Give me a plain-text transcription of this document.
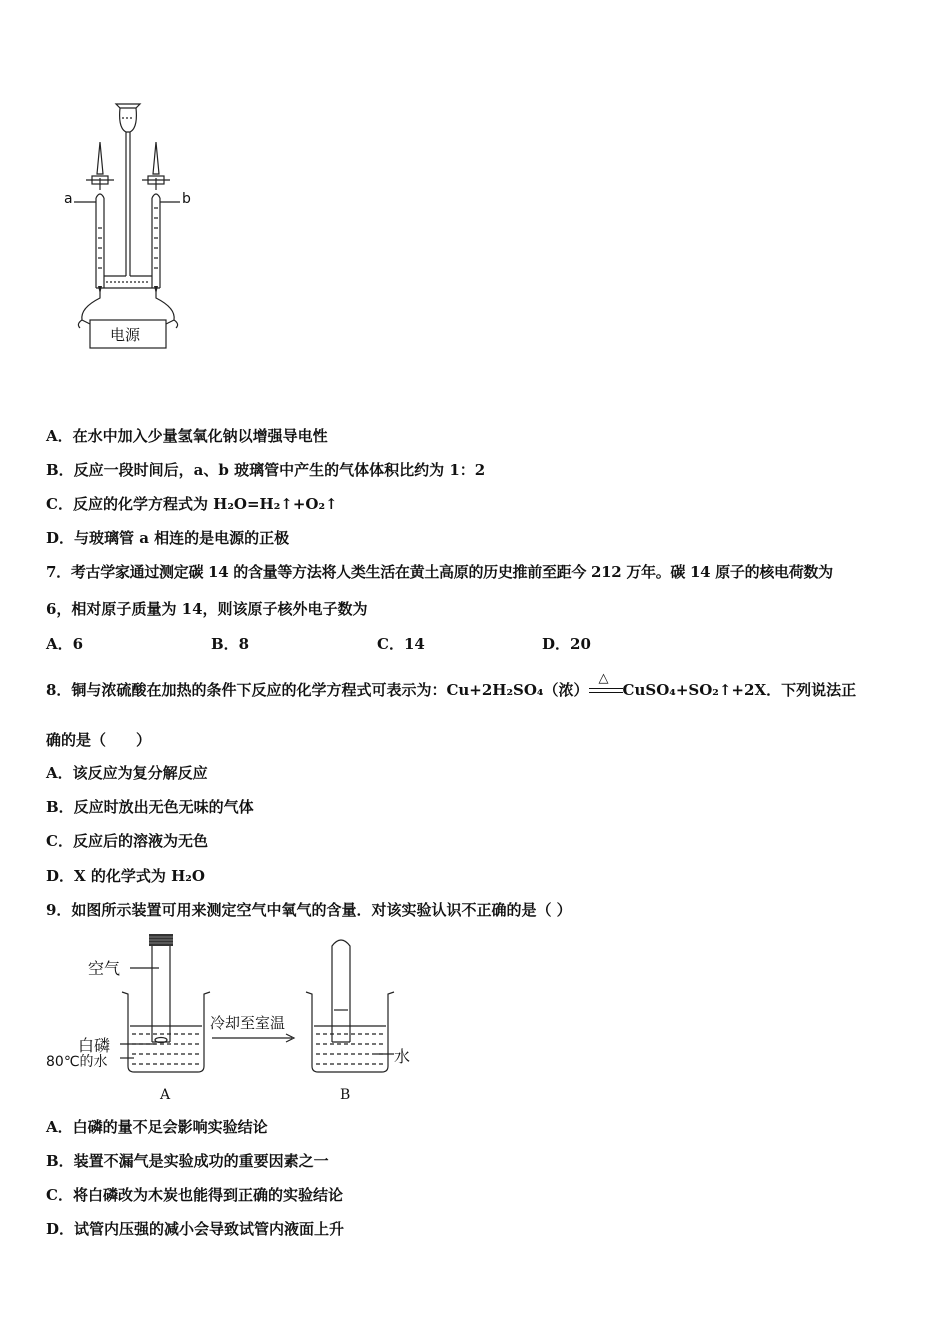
a	b
电源
A．在水中加入少量氢氧化钠以增强导电性
B．反应一段时间后，a、b 玻璃管中产生的气体体积比约为 1：2
C．反应的化学方程式为 H₂O=H₂↑+O₂↑
D．与玻璃管 a 相连的是电源的正极
7．考古学家通过测定碳 14 的含量等方法将人类生活在黄土高原的历史推前至距今 212 万年。碳 14 原子的核电荷数为
6，相对原子质量为 14，则该原子核外电子数为
A．6	B．8	C．14	D．20
8．铜与浓硫酸在加热的条件下反应的化学方程式可表示为：Cu+2H₂SO₄（浓）
△
CuSO₄+SO₂↑+2X．下列说法正
确的是（　　）
A．该反应为复分解反应
B．反应时放出无色无味的气体
C．反应后的溶液为无色
D．X 的化学式为 H₂O
9．如图所示装置可用来测定空气中氧气的含量．对该实验认识不正确的是（ ）
空气
白磷
80℃的水
冷却至室温
水
A	B
A．白磷的量不足会影响实验结论
B．装置不漏气是实验成功的重要因素之一
C．将白磷改为木炭也能得到正确的实验结论
D．试管内压强的减小会导致试管内液面上升
